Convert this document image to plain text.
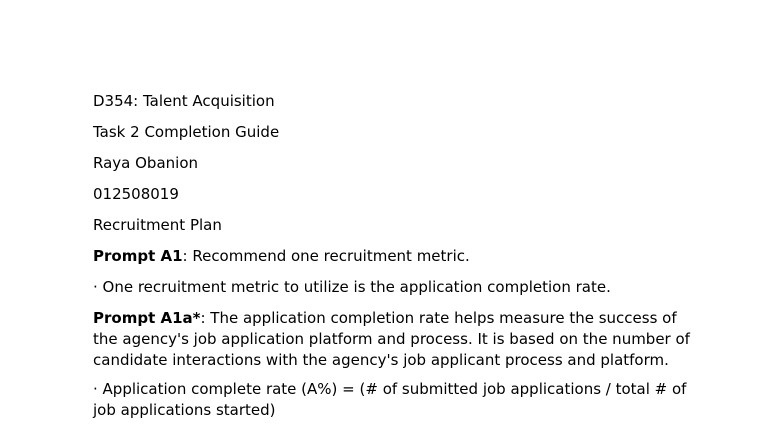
D354: Talent Acquisition

Task 2 Completion Guide

Raya Obanion

012508019

Recruitment Plan

Prompt A1: Recommend one recruitment metric.

· One recruitment metric to utilize is the application completion rate.

Prompt A1a*: The application completion rate helps measure the success of the agency's job application platform and process. It is based on the number of candidate interactions with the agency's job applicant process and platform.

· Application complete rate (A%) = (# of submitted job applications / total # of job applications started)
